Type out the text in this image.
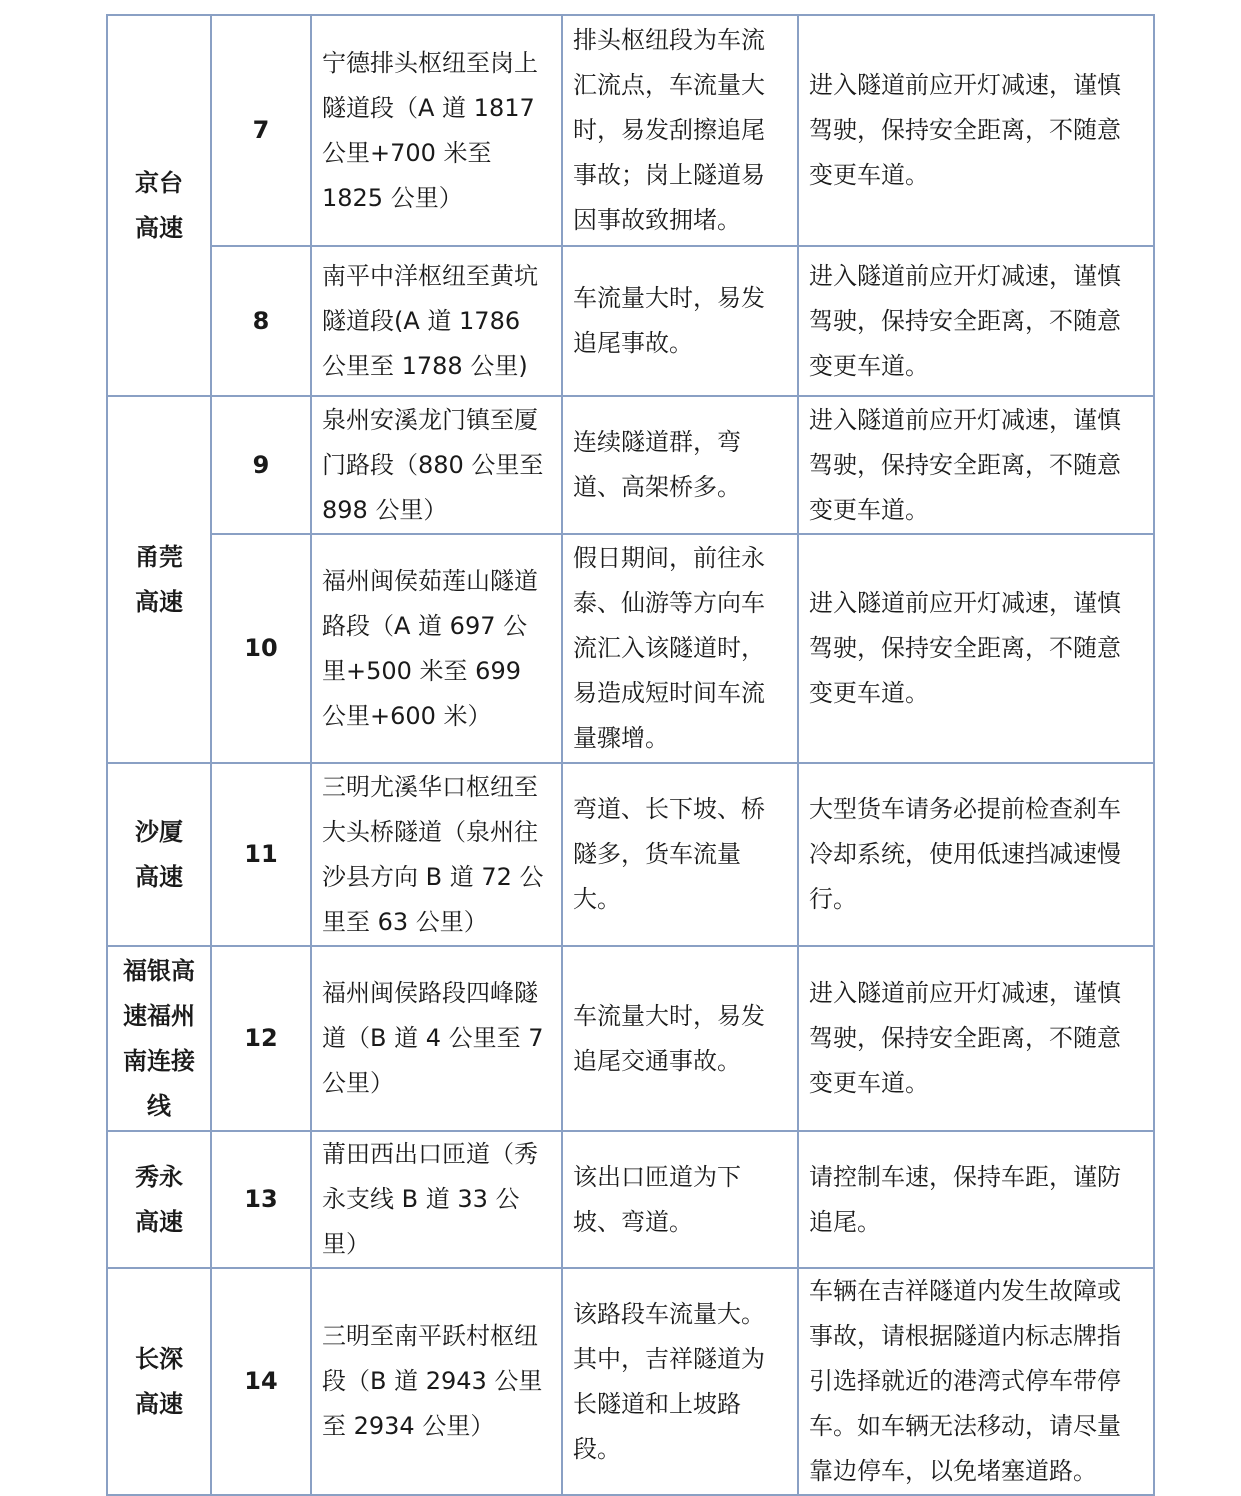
京台
高速	7	宁德排头枢纽至岗上隧道段（A 道 1817 公里+700 米至 1825 公里）	排头枢纽段为车流汇流点，车流量大时，易发刮擦追尾事故；岗上隧道易因事故致拥堵。	进入隧道前应开灯减速，谨慎驾驶，保持安全距离，不随意变更车道。
	8	南平中洋枢纽至黄坑隧道段(A 道 1786 公里至 1788 公里)	车流量大时，易发追尾事故。	进入隧道前应开灯减速，谨慎驾驶，保持安全距离，不随意变更车道。

甬莞
高速	9	泉州安溪龙门镇至厦门路段（880 公里至 898 公里）	连续隧道群，弯道、高架桥多。	进入隧道前应开灯减速，谨慎驾驶，保持安全距离，不随意变更车道。
	10	福州闽侯茹莲山隧道路段（A 道 697 公里+500 米至 699 公里+600 米）	假日期间，前往永泰、仙游等方向车流汇入该隧道时，易造成短时间车流量骤增。	进入隧道前应开灯减速，谨慎驾驶，保持安全距离，不随意变更车道。

沙厦
高速	11	三明尤溪华口枢纽至大头桥隧道（泉州往沙县方向 B 道 72 公里至 63 公里）	弯道、长下坡、桥隧多，货车流量大。	大型货车请务必提前检查刹车冷却系统，使用低速挡减速慢行。

福银高
速福州
南连接
线	12	福州闽侯路段四峰隧道（B 道 4 公里至 7 公里）	车流量大时，易发追尾交通事故。	进入隧道前应开灯减速，谨慎驾驶，保持安全距离，不随意变更车道。

秀永
高速	13	莆田西出口匝道（秀永支线 B 道 33 公里）	该出口匝道为下坡、弯道。	请控制车速，保持车距，谨防追尾。

长深
高速	14	三明至南平跃村枢纽段（B 道 2943 公里至 2934 公里）	该路段车流量大。其中，吉祥隧道为长隧道和上坡路段。	车辆在吉祥隧道内发生故障或事故，请根据隧道内标志牌指引选择就近的港湾式停车带停车。如车辆无法移动，请尽量靠边停车，以免堵塞道路。
